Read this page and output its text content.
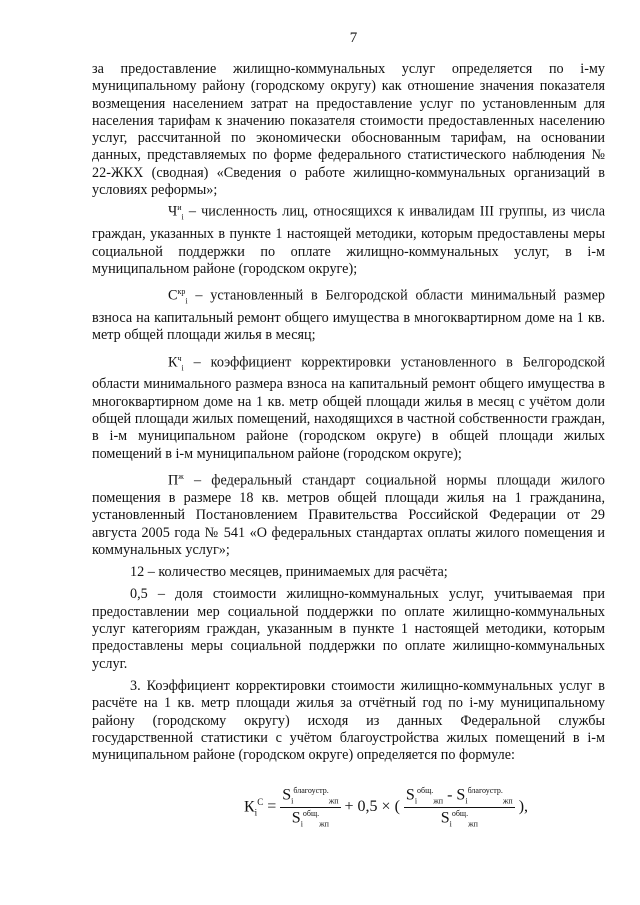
7

за предоставление жилищно-коммунальных услуг определяется по i-му муниципальному району (городскому округу) как отношение значения показателя возмещения населением затрат на предоставление услуг по установленным для населения тарифам к значению показателя стоимости предоставленных населению услуг, рассчитанной по экономически обоснованным тарифам, на основании данных, представляемых по форме федерального статистического наблюдения № 22-ЖКХ (сводная) «Сведения о работе жилищно-коммунальных организаций в условиях реформы»;

$Ч^и_i$ – численность лиц, относящихся к инвалидам III группы, из числа граждан, указанных в пункте 1 настоящей методики, которым предоставлены меры социальной поддержки по оплате жилищно-коммунальных услуг, в i-м муниципальном районе (городском округе);

$С^{кр}_i$ – установленный в Белгородской области минимальный размер взноса на капитальный ремонт общего имущества в многоквартирном доме на 1 кв. метр общей площади жилья в месяц;

$К^ч_i$ – коэффициент корректировки установленного в Белгородской области минимального размера взноса на капитальный ремонт общего имущества в многоквартирном доме на 1 кв. метр общей площади жилья в месяц с учётом доли общей площади жилых помещений, находящихся в частной собственности граждан, в i-м муниципальном районе (городском округе) в общей площади жилых помещений в i-м муниципальном районе (городском округе);

$П^ж$ – федеральный стандарт социальной нормы площади жилого помещения в размере 18 кв. метров общей площади жилья на 1 гражданина, установленный Постановлением Правительства Российской Федерации от 29 августа 2005 года № 541 «О федеральных стандартах оплаты жилого помещения и коммунальных услуг»;

12 – количество месяцев, принимаемых для расчёта;

0,5 – доля стоимости жилищно-коммунальных услуг, учитываемая при предоставлении мер социальной поддержки по оплате жилищно-коммунальных услуг категориям граждан, указанным в пункте 1 настоящей методики, которым предоставлены меры социальной поддержки по оплате жилищно-коммунальных услуг.

3. Коэффициент корректировки стоимости жилищно-коммунальных услуг в расчёте на 1 кв. метр площади жилья за отчётный год по i-му муниципальному району (городскому округу) исходя из данных Федеральной службы государственной статистики с учётом благоустройства жилых помещений в i-м муниципальном районе (городском округе) определяется по формуле:

$К_i^С = \frac{S_i^{благоустр.}_{жп}}{S_i^{общ.}_{жп}} + 0,5$ × ( $\frac{S_i^{общ.}_{жп} - S_i^{благоустр.}_{жп}}{S_i^{общ.}_{жп}}$ ),
